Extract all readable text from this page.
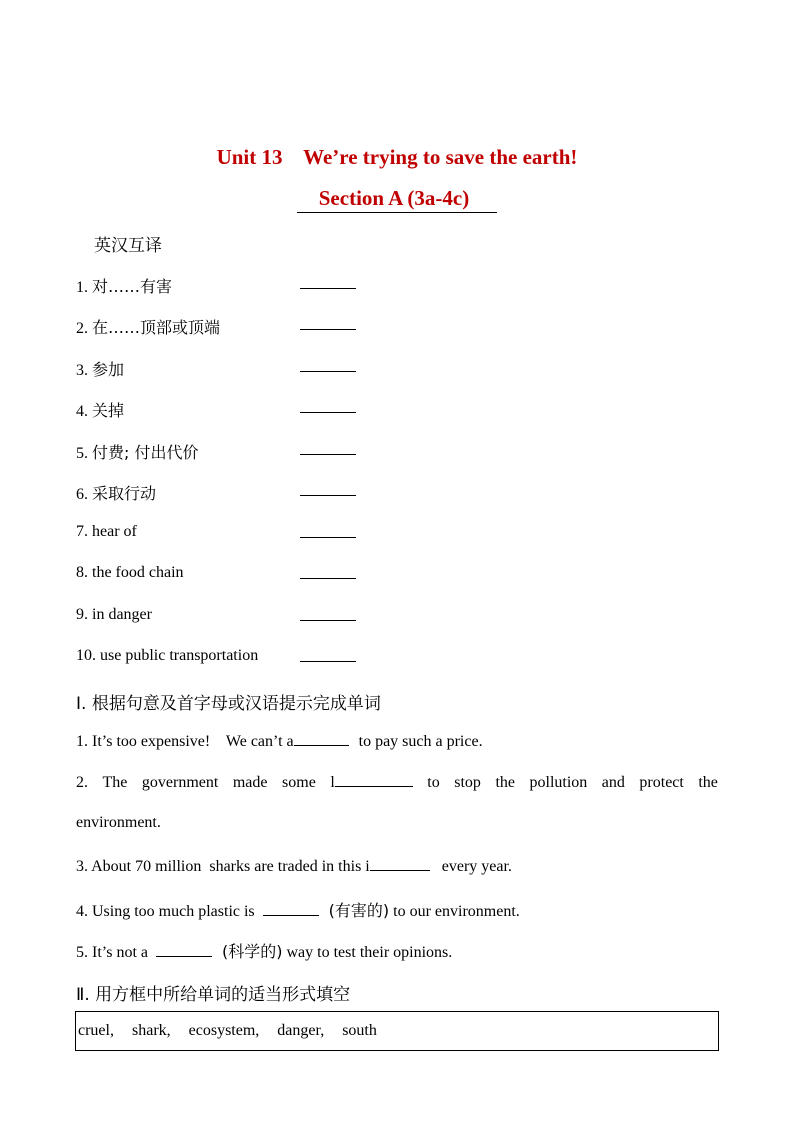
Unit 13    We’re trying to save the earth!
Section A (3a-4c)
英汉互译
1. 对……有害
2. 在……顶部或顶端
3. 参加
4. 关掉
5. 付费; 付出代价
6. 采取行动
7. hear of
8. the food chain
9. in danger
10. use public transportation
Ⅰ. 根据句意及首字母或汉语提示完成单词
1. It’s too expensive!    We can’t a	to pay such a price.
2. The government made some l	to stop the pollution and protect the
environment.
3. About 70 million  sharks are traded in this i	every year.
4. Using too much plastic is	(有害的) to our environment.
5. It’s not a	(科学的) way to test their opinions.
Ⅱ. 用方框中所给单词的适当形式填空
cruel, shark, ecosystem, danger, south
